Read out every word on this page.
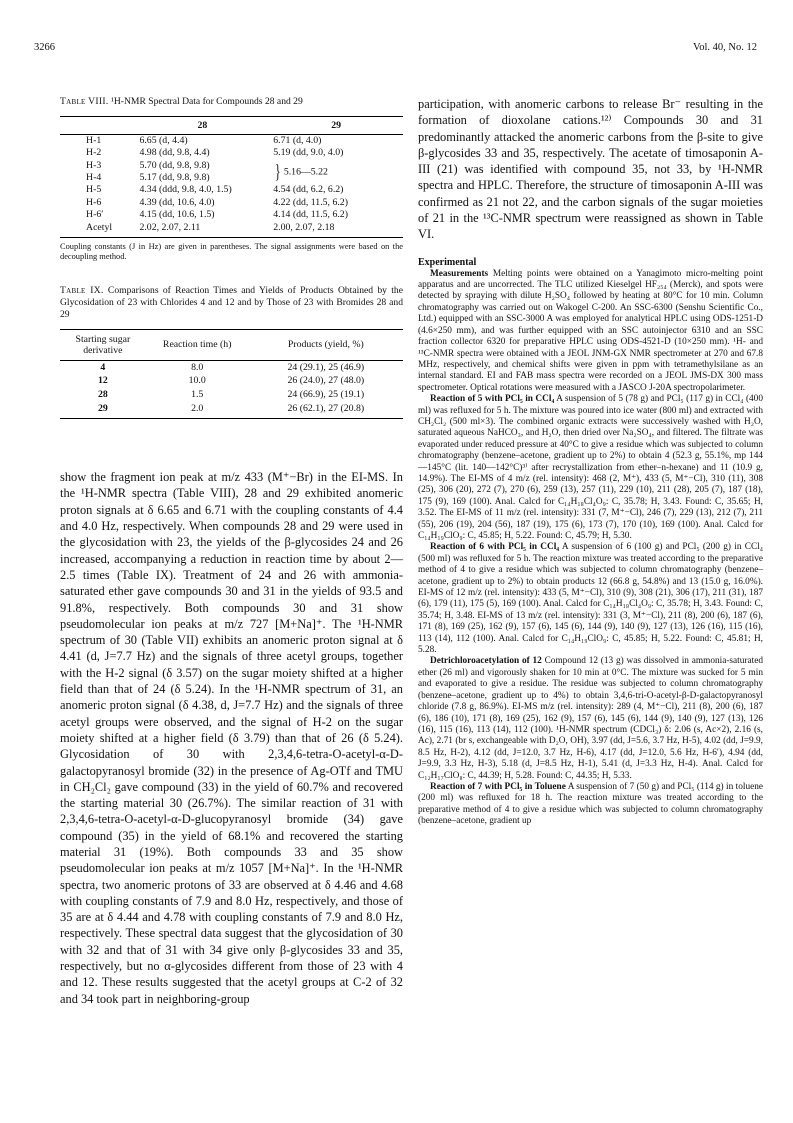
3266	Vol. 40, No. 12
Table VIII. ¹H-NMR Spectral Data for Compounds 28 and 29
	28	29

H-1	6.65 (d, 4.4)	6.71 (d, 4.0)
H-2	4.98 (dd, 9.8, 4.4)	5.19 (dd, 9.0, 4.0)
H-3	5.70 (dd, 9.8, 9.8)	} 5.16—5.22
H-4	5.17 (dd, 9.8, 9.8)	
H-5	4.34 (ddd, 9.8, 4.0, 1.5)	4.54 (dd, 6.2, 6.2)
H-6	4.39 (dd, 10.6, 4.0)	4.22 (dd, 11.5, 6.2)
H-6′	4.15 (dd, 10.6, 1.5)	4.14 (dd, 11.5, 6.2)
Acetyl	2.02, 2.07, 2.11	2.00, 2.07, 2.18
Coupling constants (J in Hz) are given in parentheses. The signal assignments were based on the decoupling method.
Table IX. Comparisons of Reaction Times and Yields of Products Obtained by the Glycosidation of 23 with Chlorides 4 and 12 and by Those of 23 with Bromides 28 and 29
Starting sugar derivative	Reaction time (h)	Products (yield, %)

4	8.0	24 (29.1), 25 (46.9)
12	10.0	26 (24.0), 27 (48.0)
28	1.5	24 (66.9), 25 (19.1)
29	2.0	26 (62.1), 27 (20.8)

show the fragment ion peak at m/z 433 (M⁺−Br) in the EI-MS. In the ¹H-NMR spectra (Table VIII), 28 and 29 exhibited anomeric proton signals at δ 6.65 and 6.71 with the coupling constants of 4.4 and 4.0 Hz, respectively. When compounds 28 and 29 were used in the glycosidation with 23, the yields of the β-glycosides 24 and 26 increased, accompanying a reduction in reaction time by about 2—2.5 times (Table IX). Treatment of 24 and 26 with ammonia-saturated ether gave compounds 30 and 31 in the yields of 93.5 and 91.8%, respectively. Both compounds 30 and 31 show pseudomolecular ion peaks at m/z 727 [M+Na]⁺. The ¹H-NMR spectrum of 30 (Table VII) exhibits an anomeric proton signal at δ 4.41 (d, J=7.7 Hz) and the signals of three acetyl groups, together with the H-2 signal (δ 3.57) on the sugar moiety shifted at a higher field than that of 24 (δ 5.24). In the ¹H-NMR spectrum of 31, an anomeric proton signal (δ 4.38, d, J=7.7 Hz) and the signals of three acetyl groups were observed, and the signal of H-2 on the sugar moiety shifted at a higher field (δ 3.79) than that of 26 (δ 5.24). Glycosidation of 30 with 2,3,4,6-tetra-O-acetyl-α-D-galactopyranosyl bromide (32) in the presence of Ag-OTf and TMU in CH₂Cl₂ gave compound (33) in the yield of 60.7% and recovered the starting material 30 (26.7%). The similar reaction of 31 with 2,3,4,6-tetra-O-acetyl-α-D-glucopyranosyl bromide (34) gave compound (35) in the yield of 68.1% and recovered the starting material 31 (19%). Both compounds 33 and 35 show pseudomolecular ion peaks at m/z 1057 [M+Na]⁺. In the ¹H-NMR spectra, two anomeric protons of 33 are observed at δ 4.46 and 4.68 with coupling constants of 7.9 and 8.0 Hz, respectively, and those of 35 are at δ 4.44 and 4.78 with coupling constants of 7.9 and 8.0 Hz, respectively. These spectral data suggest that the glycosidation of 30 with 32 and that of 31 with 34 give only β-glycosides 33 and 35, respectively, but no α-glycosides different from those of 23 with 4 and 12. These results suggested that the acetyl groups at C-2 of 32 and 34 took part in neighboring-group

participation, with anomeric carbons to release Br⁻ resulting in the formation of dioxolane cations.¹²⁾ Compounds 30 and 31 predominantly attacked the anomeric carbons from the β-site to give β-glycosides 33 and 35, respectively. The acetate of timosaponin A-III (21) was identified with compound 35, not 33, by ¹H-NMR spectra and HPLC. Therefore, the structure of timosaponin A-III was confirmed as 21 not 22, and the carbon signals of the sugar moieties of 21 in the ¹³C-NMR spectrum were reassigned as shown in Table VI.

Experimental

Measurements Melting points were obtained on a Yanagimoto micro-melting point apparatus and are uncorrected. The TLC utilized Kieselgel HF₂₅₄ (Merck), and spots were detected by spraying with dilute H₂SO₄ followed by heating at 80°C for 10 min. Column chromatography was carried out on Wakogel C-200. An SSC-6300 (Senshu Scientific Co., Ltd.) equipped with an SSC-3000 A was employed for analytical HPLC using ODS-1251-D (4.6×250 mm), and was further equipped with an SSC autoinjector 6310 and an SSC fraction collector 6320 for preparative HPLC using ODS-4521-D (10×250 mm). ¹H- and ¹³C-NMR spectra were obtained with a JEOL JNM-GX NMR spectrometer at 270 and 67.8 MHz, respectively, and chemical shifts were given in ppm with tetramethylsilane as an internal standard. EI and FAB mass spectra were recorded on a JEOL JMS-DX 300 mass spectrometer. Optical rotations were measured with a JASCO J-20A spectropolarimeter.

Reaction of 5 with PCl₅ in CCl₄ A suspension of 5 (78 g) and PCl₅ (117 g) in CCl₄ (400 ml) was refluxed for 5 h. The mixture was poured into ice water (800 ml) and extracted with CH₂Cl₂ (500 ml×3). The combined organic extracts were successively washed with H₂O, saturated aqueous NaHCO₃, and H₂O, then dried over Na₂SO₄, and filtered. The filtrate was evaporated under reduced pressure at 40°C to give a residue which was subjected to column chromatography (benzene–acetone, gradient up to 2%) to obtain 4 (52.3 g, 55.1%, mp 144—145°C (lit. 140—142°C)³⁾ after recrystallization from ether–n-hexane) and 11 (10.9 g, 14.9%). The EI-MS of 4 m/z (rel. intensity): 468 (2, M⁺), 433 (5, M⁺−Cl), 310 (11), 308 (25), 306 (20), 272 (7), 270 (6), 259 (13), 257 (11), 229 (10), 211 (28), 205 (7), 187 (18), 175 (9), 169 (100). Anal. Calcd for C₁₄H₁₈Cl₄O₉: C, 35.78; H, 3.43. Found: C, 35.65; H, 3.52. The EI-MS of 11 m/z (rel. intensity): 331 (7, M⁺−Cl), 246 (7), 229 (13), 212 (7), 211 (55), 206 (19), 204 (56), 187 (19), 175 (6), 173 (7), 170 (10), 169 (100). Anal. Calcd for C₁₄H₁₉ClO₉: C, 45.85; H, 5.22. Found: C, 45.79; H, 5.30.

Reaction of 6 with PCl₅ in CCl₄ A suspension of 6 (100 g) and PCl₅ (200 g) in CCl₄ (500 ml) was refluxed for 5 h. The reaction mixture was treated according to the preparative method of 4 to give a residue which was subjected to column chromatography (benzene–acetone, gradient up to 2%) to obtain products 12 (66.8 g, 54.8%) and 13 (15.0 g, 16.0%). EI-MS of 12 m/z (rel. intensity): 433 (5, M⁺−Cl), 310 (9), 308 (21), 306 (17), 211 (31), 187 (6), 179 (11), 175 (5), 169 (100). Anal. Calcd for C₁₄H₁₈Cl₄O₉: C, 35.78; H, 3.43. Found: C, 35.74; H, 3.48. EI-MS of 13 m/z (rel. intensity): 331 (3, M⁺−Cl), 211 (8), 200 (6), 187 (6), 171 (8), 169 (25), 162 (9), 157 (6), 145 (6), 144 (9), 140 (9), 127 (13), 126 (16), 115 (16), 113 (14), 112 (100). Anal. Calcd for C₁₄H₁₉ClO₉: C, 45.85; H, 5.22. Found: C, 45.81; H, 5.28.

Detrichloroacetylation of 12 Compound 12 (13 g) was dissolved in ammonia-saturated ether (26 ml) and vigorously shaken for 10 min at 0°C. The mixture was sucked for 5 min and evaporated to give a residue. The residue was subjected to column chromatography (benzene–acetone, gradient up to 4%) to obtain 3,4,6-tri-O-acetyl-β-D-galactopyranosyl chloride (7.8 g, 86.9%). EI-MS m/z (rel. intensity): 289 (4, M⁺−Cl), 211 (8), 200 (6), 187 (6), 186 (10), 171 (8), 169 (25), 162 (9), 157 (6), 145 (6), 144 (9), 140 (9), 127 (13), 126 (16), 115 (16), 113 (14), 112 (100). ¹H-NMR spectrum (CDCl₃) δ: 2.06 (s, Ac×2), 2.16 (s, Ac), 2.71 (br s, exchangeable with D₂O, OH), 3.97 (dd, J=5.6, 3.7 Hz, H-5), 4.02 (dd, J=9.9, 8.5 Hz, H-2), 4.12 (dd, J=12.0, 3.7 Hz, H-6), 4.17 (dd, J=12.0, 5.6 Hz, H-6′), 4.94 (dd, J=9.9, 3.3 Hz, H-3), 5.18 (d, J=8.5 Hz, H-1), 5.41 (d, J=3.3 Hz, H-4). Anal. Calcd for C₁₂H₁₇ClO₈: C, 44.39; H, 5.28. Found: C, 44.35; H, 5.33.

Reaction of 7 with PCl₅ in Toluene A suspension of 7 (50 g) and PCl₅ (114 g) in toluene (200 ml) was refluxed for 18 h. The reaction mixture was treated according to the preparative method of 4 to give a residue which was subjected to column chromatography (benzene–acetone, gradient up
